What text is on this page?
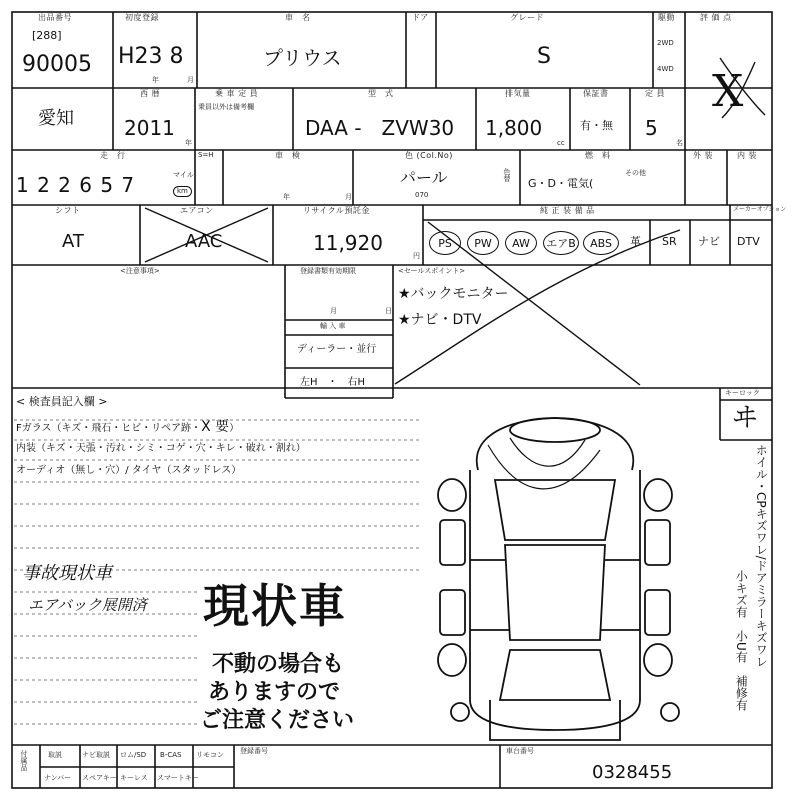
出品番号
[288]
90005
初度登録
H23 8
年	月
車　名
プリウス
ドア	グレード
S
駆動
2WD
4WD
評 価 点
愛知
西 暦
2011
年
乗 車 定 員
乗員以外は備考欄
型　式
DAA -　ZVW30
排気量
1,800
cc
保証書
有・無
定 員
5
名
X
走　行
1 2 2 6 5 7	マイル
km
S=H	車　検
年	月
色 (Col.No)
パール
070
色替
燃　料
G・D・電気(
その他
外 装	内 装
シフト
AT
エアコン
AAC
リサイクル預託金
11,920
円
純 正 装 備 品	メーカーオプション
PS	PW	AW	エアB	ABS	革 SR ナビ DTV
<注意事項>	登録書類有効期限
月	日
輸 入 車
ディーラー・並行
左H　・　右H
<セールスポイント>
★バックモニター
★ナビ・DTV
< 検査員記入欄 >
Fガラス（キズ・飛石・ヒビ・リペア跡・X 要）
内装（キズ・天張・汚れ・シミ・コゲ・穴・キレ・破れ・割れ）
オーディオ（無し・穴）/ タイヤ（スタッドレス）
事故現状車
エアバック展開済 現状車
不動の場合も
ありますので
ご注意ください
キーロック
ヰ
ホイル・CPキズワレ/ドアミラーキズワレ
小キズ有　小U有　補修有
付属品	取説	ナビ取説 ロム/SD B-CAS リモコン
ナンバー スペアキー キーレス スマートキー
登録番号	車台番号
0328455
